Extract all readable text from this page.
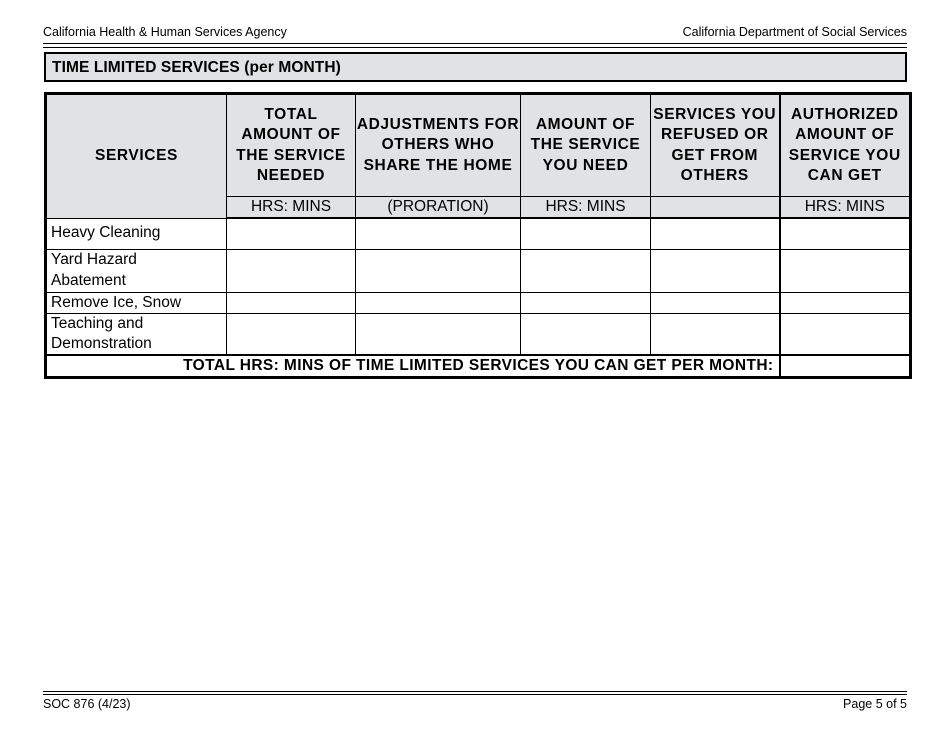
California Health & Human Services Agency	California Department of Social Services
TIME LIMITED SERVICES (per MONTH)
SERVICES	TOTAL AMOUNT OF THE SERVICE NEEDED	ADJUSTMENTS FOR OTHERS WHO SHARE THE HOME	AMOUNT OF THE SERVICE YOU NEED	SERVICES YOU REFUSED OR GET FROM OTHERS	AUTHORIZED AMOUNT OF SERVICE YOU CAN GET
	HRS: MINS	(PRORATION)	HRS: MINS		HRS: MINS
Heavy Cleaning					
Yard Hazard Abatement					
Remove Ice, Snow					
Teaching and Demonstration					
TOTAL HRS: MINS OF TIME LIMITED SERVICES YOU CAN GET PER MONTH:					
SOC 876 (4/23)	Page 5 of 5
